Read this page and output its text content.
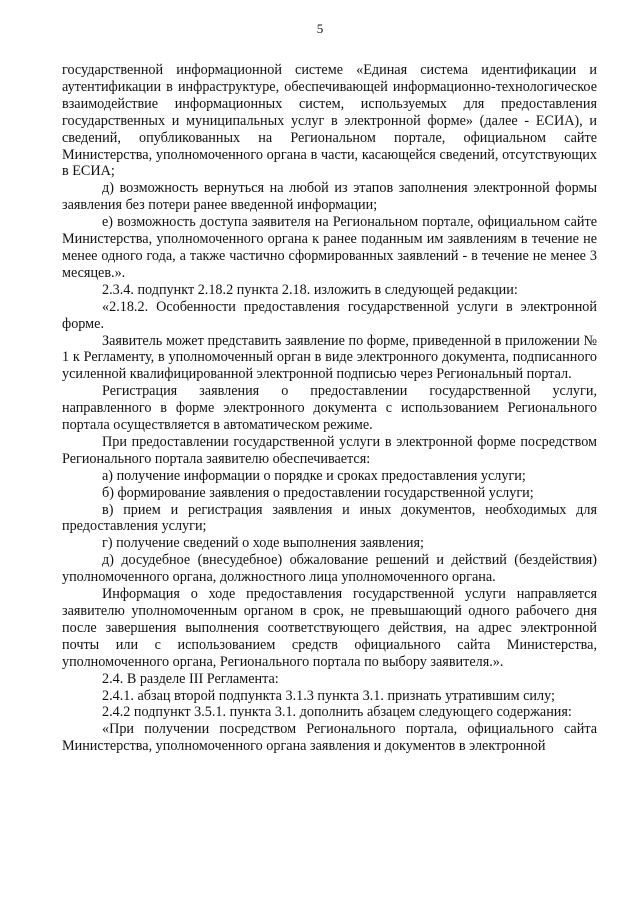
5

государственной информационной системе «Единая система идентификации и аутентификации в инфраструктуре, обеспечивающей информационно-технологическое взаимодействие информационных систем, используемых для предоставления государственных и муниципальных услуг в электронной форме» (далее - ЕСИА), и сведений, опубликованных на Региональном портале, официальном сайте Министерства, уполномоченного органа в части, касающейся сведений, отсутствующих в ЕСИА;

д) возможность вернуться на любой из этапов заполнения электронной формы заявления без потери ранее введенной информации;

е) возможность доступа заявителя на Региональном портале, официальном сайте Министерства, уполномоченного органа к ранее поданным им заявлениям в течение не менее одного года, а также частично сформированных заявлений - в течение не менее 3 месяцев.».

2.3.4. подпункт 2.18.2 пункта 2.18. изложить в следующей редакции:

«2.18.2. Особенности предоставления государственной услуги в электронной форме.

Заявитель может представить заявление по форме, приведенной в приложении № 1 к Регламенту, в уполномоченный орган в виде электронного документа, подписанного усиленной квалифицированной электронной подписью через Региональный портал.

Регистрация заявления о предоставлении государственной услуги, направленного в форме электронного документа с использованием Регионального портала осуществляется в автоматическом режиме.

При предоставлении государственной услуги в электронной форме посредством Регионального портала заявителю обеспечивается:

а) получение информации о порядке и сроках предоставления услуги;

б) формирование заявления о предоставлении государственной услуги;

в) прием и регистрация заявления и иных документов, необходимых для предоставления услуги;

г) получение сведений о ходе выполнения заявления;

д) досудебное (внесудебное) обжалование решений и действий (бездействия) уполномоченного органа, должностного лица уполномоченного органа.

Информация о ходе предоставления государственной услуги направляется заявителю уполномоченным органом в срок, не превышающий одного рабочего дня после завершения выполнения соответствующего действия, на адрес электронной почты или с использованием средств официального сайта Министерства, уполномоченного органа, Регионального портала по выбору заявителя.».

2.4. В разделе III Регламента:

2.4.1. абзац второй подпункта 3.1.3 пункта 3.1. признать утратившим силу;

2.4.2 подпункт 3.5.1. пункта 3.1. дополнить абзацем следующего содержания:

«При получении посредством Регионального портала, официального сайта Министерства, уполномоченного органа заявления и документов в электронной
